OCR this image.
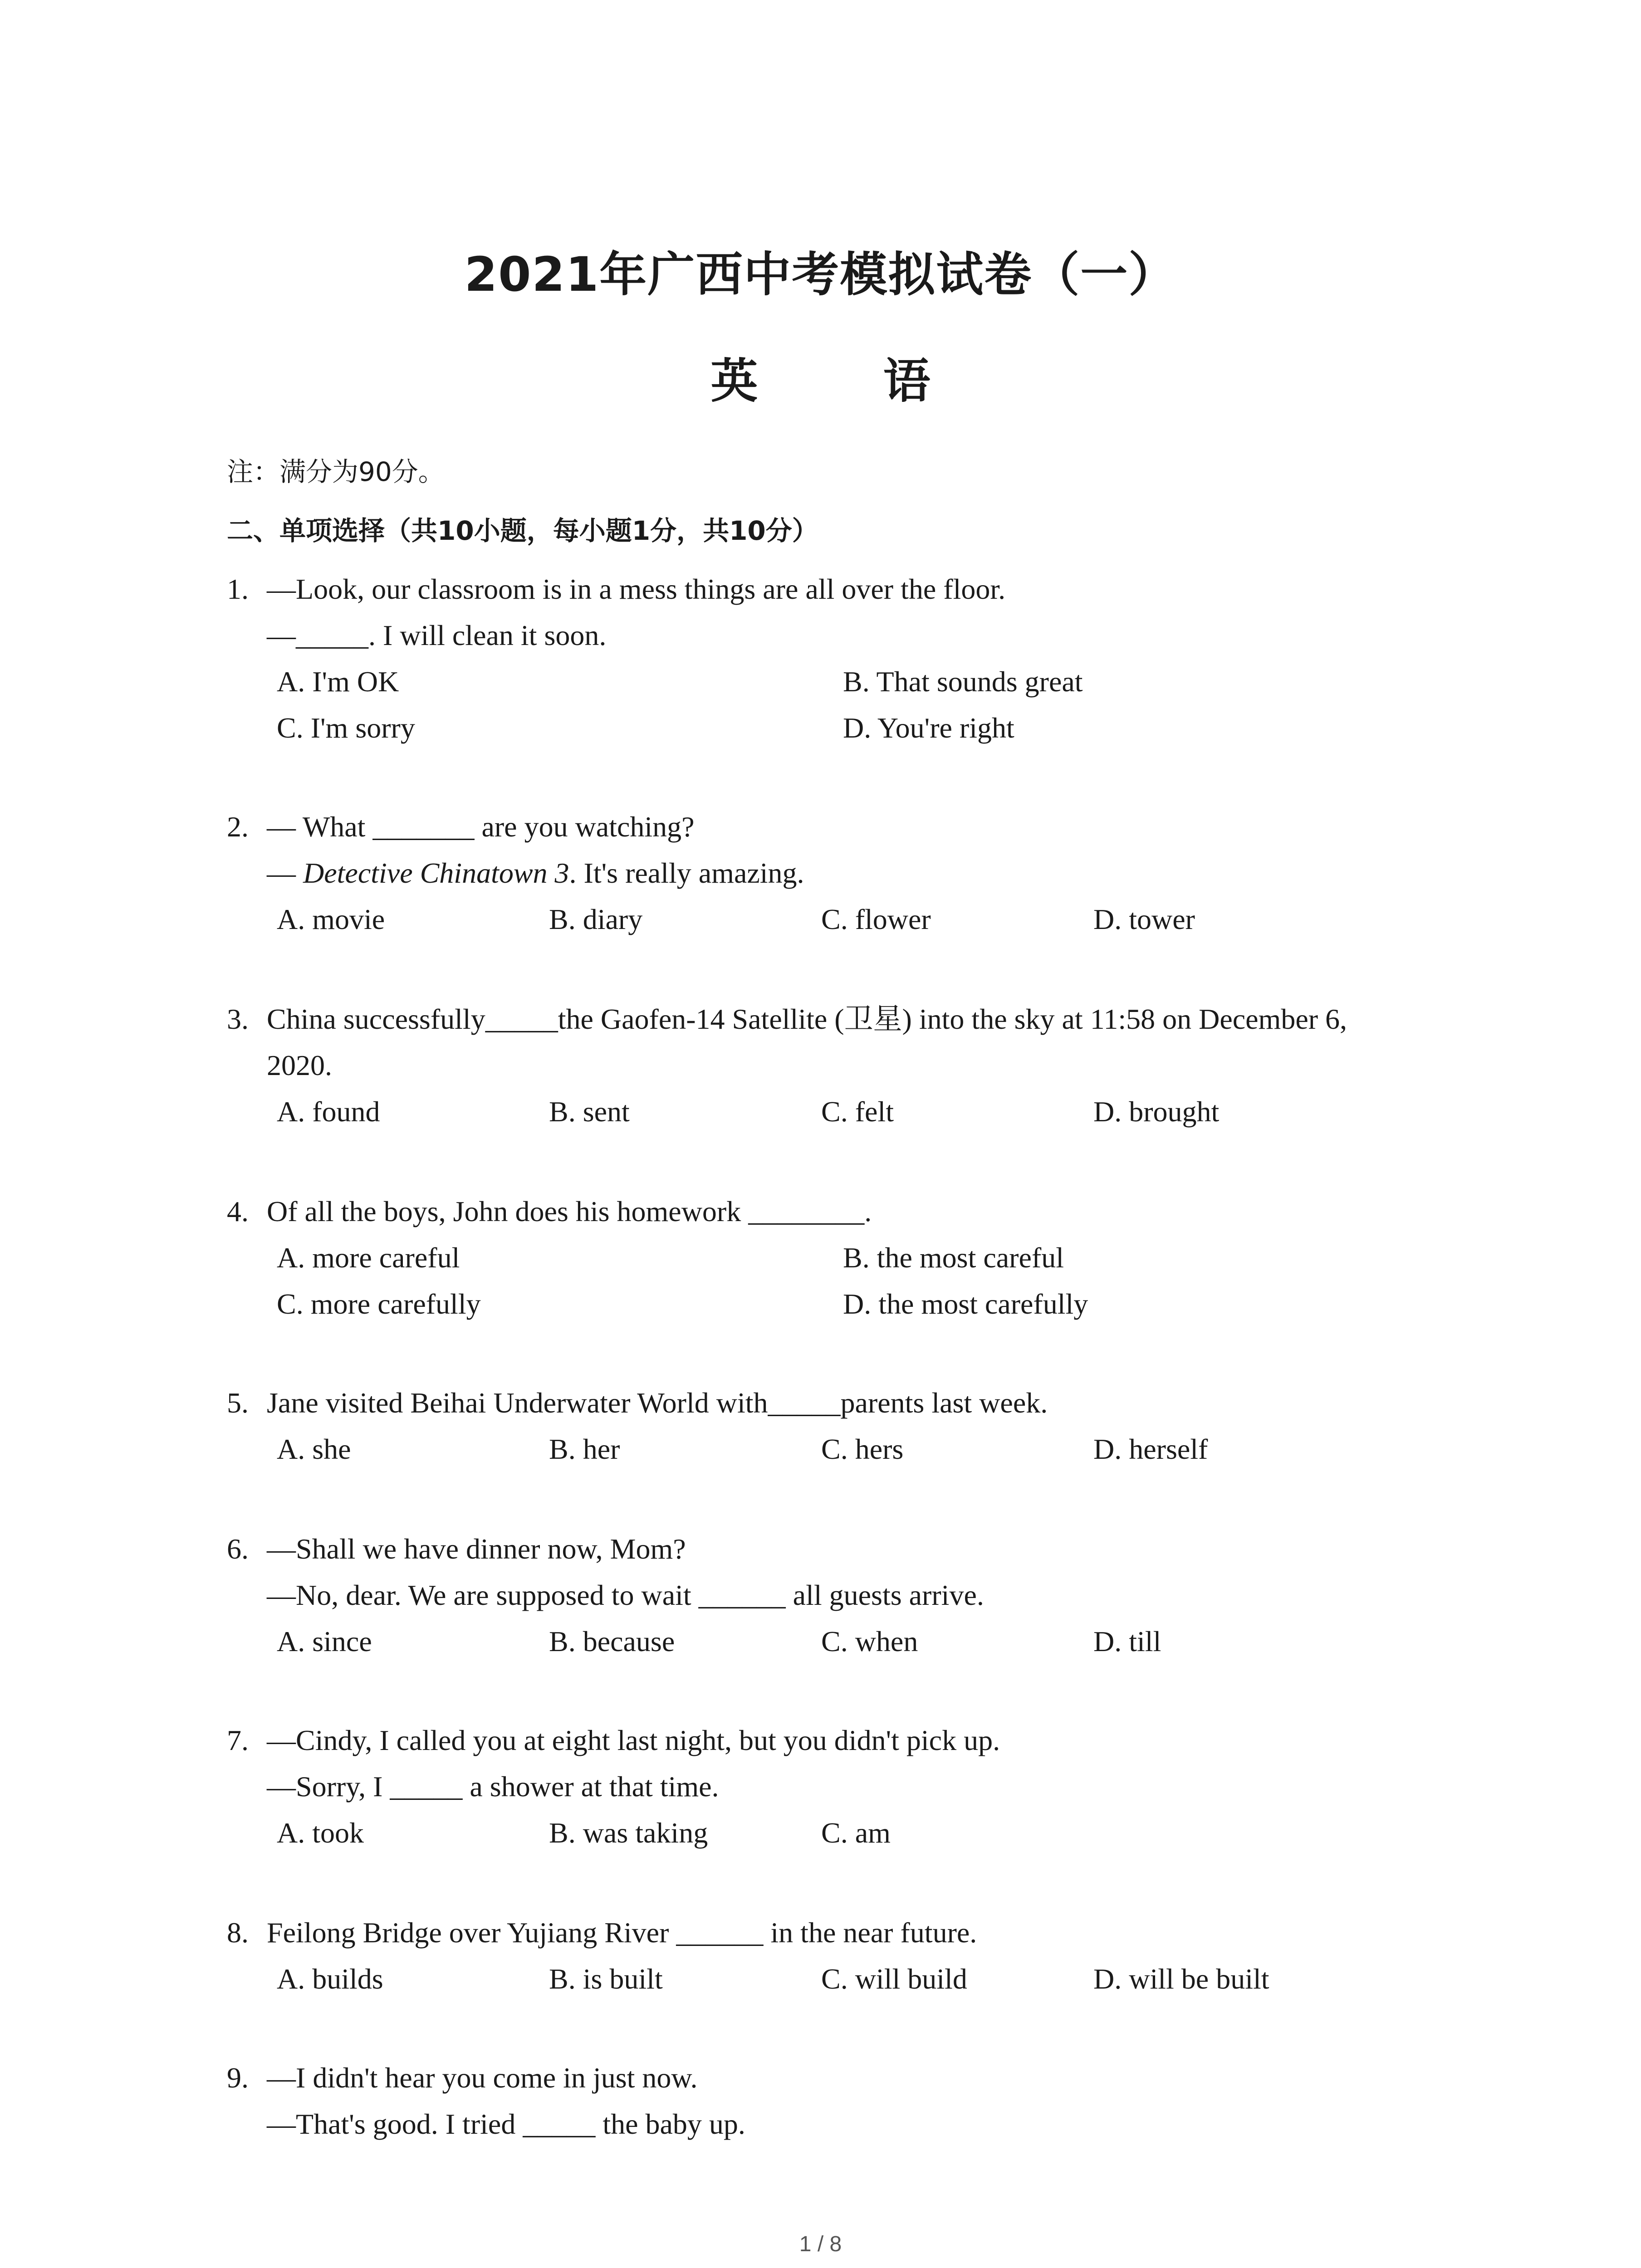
2021年广西中考模拟试卷（一）
英 语
注：满分为90分。
二、单项选择（共10小题，每小题1分，共10分）
1. —Look, our classroom is in a mess things are all over the floor.
—_____. I will clean it soon.
A. I'm OK	B. That sounds great
C. I'm sorry	D. You're right
2. — What _______ are you watching?
— Detective Chinatown 3. It's really amazing.
A. movie	B. diary	C. flower	D. tower
3. China successfully_____the Gaofen-14 Satellite (卫星) into the sky at 11:58 on December 6,
2020.
A. found	B. sent	C. felt	D. brought
4. Of all the boys, John does his homework ________.
A. more careful	B. the most careful
C. more carefully	D. the most carefully
5. Jane visited Beihai Underwater World with_____parents last week.
A. she	B. her	C. hers	D. herself
6. —Shall we have dinner now, Mom?
—No, dear. We are supposed to wait ______ all guests arrive.
A. since	B. because	C. when	D. till
7. —Cindy, I called you at eight last night, but you didn't pick up.
—Sorry, I _____ a shower at that time.
A. took	B. was taking	C. am
8. Feilong Bridge over Yujiang River ______ in the near future.
A. builds	B. is built	C. will build	D. will be built
9. —I didn't hear you come in just now.
—That's good. I tried _____ the baby up.
1 / 8
